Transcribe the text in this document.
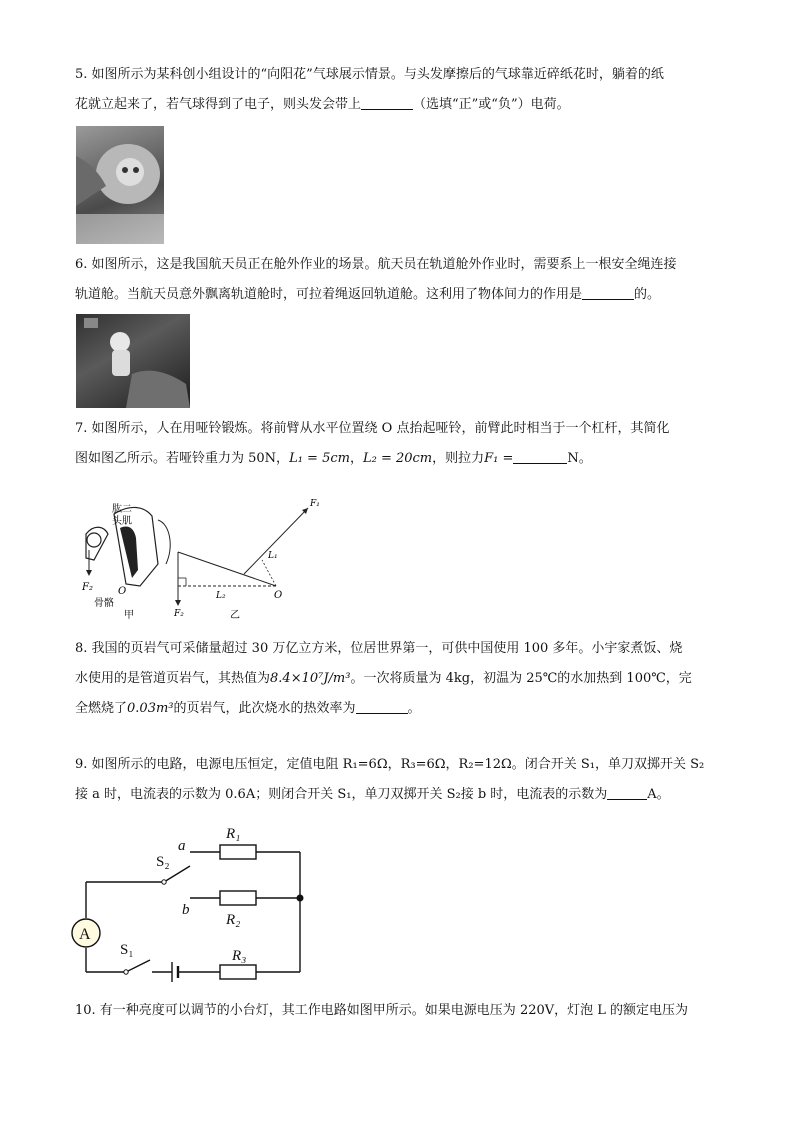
5. 如图所示为某科创小组设计的“向阳花”气球展示情景。与头发摩擦后的气球靠近碎纸花时，躺着的纸
花就立起来了，若气球得到了电子，则头发会带上	（选填“正”或“负”）电荷。
6. 如图所示，这是我国航天员正在舱外作业的场景。航天员在轨道舱外作业时，需要系上一根安全绳连接
轨道舱。当航天员意外飘离轨道舱时，可拉着绳返回轨道舱。这利用了物体间力的作用是	的。
7. 如图所示，人在用哑铃锻炼。将前臂从水平位置绕 O 点抬起哑铃，前臂此时相当于一个杠杆，其简化
图如图乙所示。若哑铃重力为 50N，L₁ = 5cm，L₂ = 20cm，则拉力F₁ =	N。
肱二
头肌
F₂	O
骨骼
甲
F₁
L₁
L₂
F₂
O
乙
8. 我国的页岩气可采储量超过 30 万亿立方米，位居世界第一，可供中国使用 100 多年。小宇家煮饭、烧
水使用的是管道页岩气，其热值为8.4×10⁷J/m³。一次将质量为 4kg，初温为 25℃的水加热到 100℃，完
全燃烧了0.03m³的页岩气，此次烧水的热效率为	。
9. 如图所示的电路，电源电压恒定，定值电阻 R₁=6Ω，R₃=6Ω，R₂=12Ω。闭合开关 S₁，单刀双掷开关 S₂
接 a 时，电流表的示数为 0.6A；则闭合开关 S₁，单刀双掷开关 S₂接 b 时，电流表的示数为	A。
R₁
R₂
R₃
S₂
S₁
a
b
A
10. 有一种亮度可以调节的小台灯，其工作电路如图甲所示。如果电源电压为 220V，灯泡 L 的额定电压为
